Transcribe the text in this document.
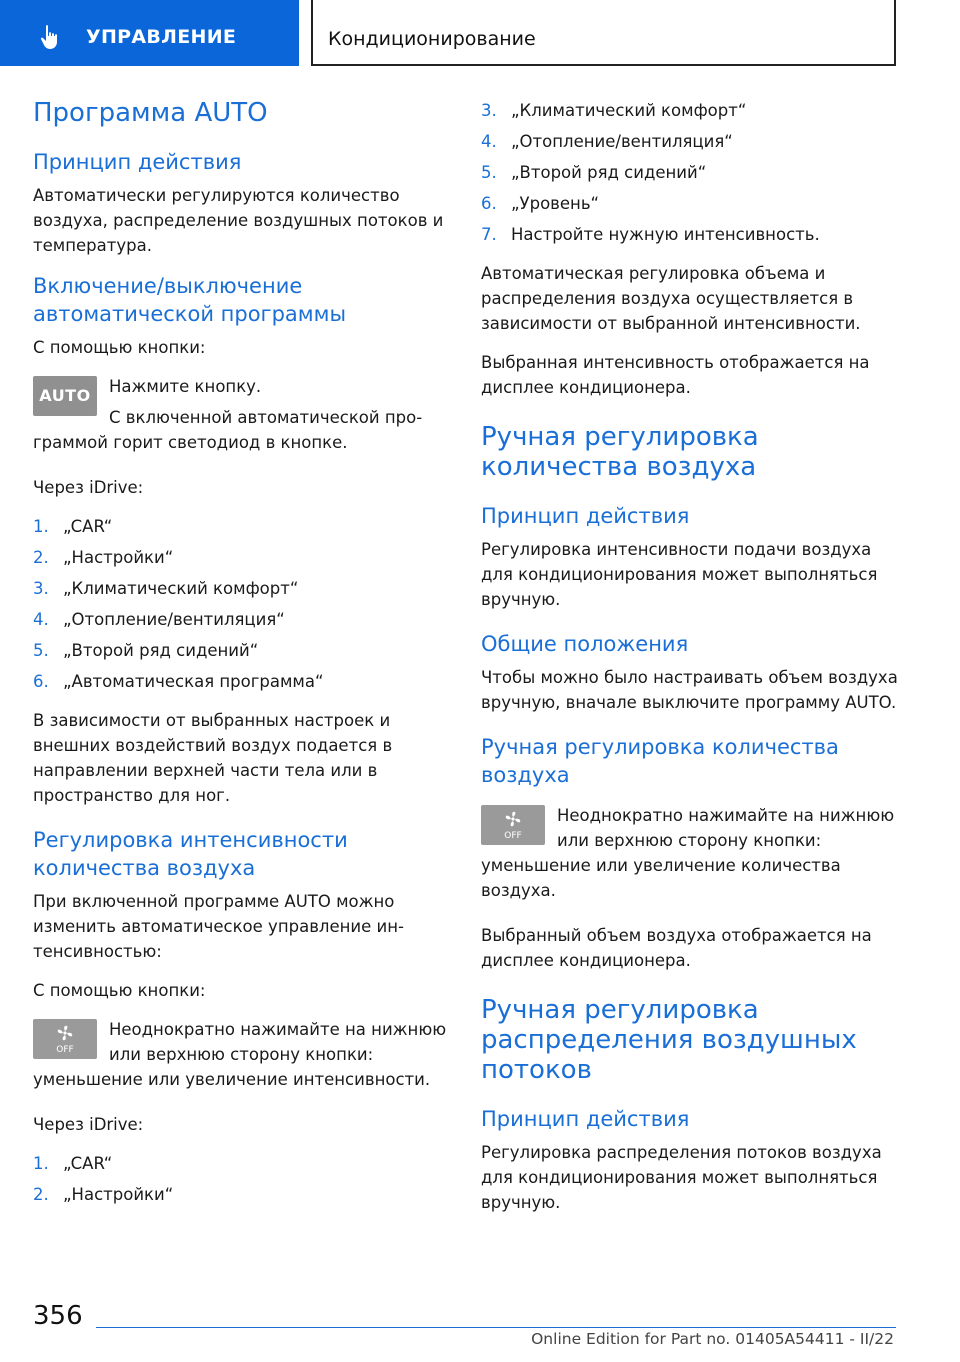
УПРАВЛЕНИЕ	Кондиционирование
Программа AUTO
Принцип действия

Автоматически регулируются количество воздуха, распределение воздушных потоков и температура.

Включение/выключение автоматической программы

С помощью кнопки:

AUTO	Нажмите кнопку.

С включенной автоматической программой горит светодиод в кнопке.

Через iDrive:

1. „CAR“
2. „Настройки“
3. „Климатический комфорт“
4. „Отопление/вентиляция“
5. „Второй ряд сидений“
6. „Автоматическая программа“

В зависимости от выбранных настроек и внешних воздействий воздух подается в направлении верхней части тела или в пространство для ног.

Регулировка интенсивности количества воздуха

При включенной программе AUTO можно изменить автоматическое управление интенсивностью:

С помощью кнопки:

OFF

Неоднократно нажимайте на нижнюю или верхнюю сторону кнопки: уменьшение или увеличение интенсивности.

Через iDrive:

1. „CAR“
2. „Настройки“
3. „Климатический комфорт“
4. „Отопление/вентиляция“
5. „Второй ряд сидений“
6. „Уровень“
7. Настройте нужную интенсивность.

Автоматическая регулировка объема и распределения воздуха осуществляется в зависимости от выбранной интенсивности.

Выбранная интенсивность отображается на дисплее кондиционера.

Ручная регулировка количества воздуха
Принцип действия

Регулировка интенсивности подачи воздуха для кондиционирования может выполняться вручную.

Общие положения

Чтобы можно было настраивать объем воздуха вручную, вначале выключите программу AUTO.

Ручная регулировка количества воздуха
OFF

Неоднократно нажимайте на нижнюю или верхнюю сторону кнопки: уменьшение или увеличение количества воздуха.

Выбранный объем воздуха отображается на дисплее кондиционера.

Ручная регулировка распределения воздушных потоков
Принцип действия

Регулировка распределения потоков воздуха для кондиционирования может выполняться вручную.

356
Online Edition for Part no. 01405A54411 - II/22
